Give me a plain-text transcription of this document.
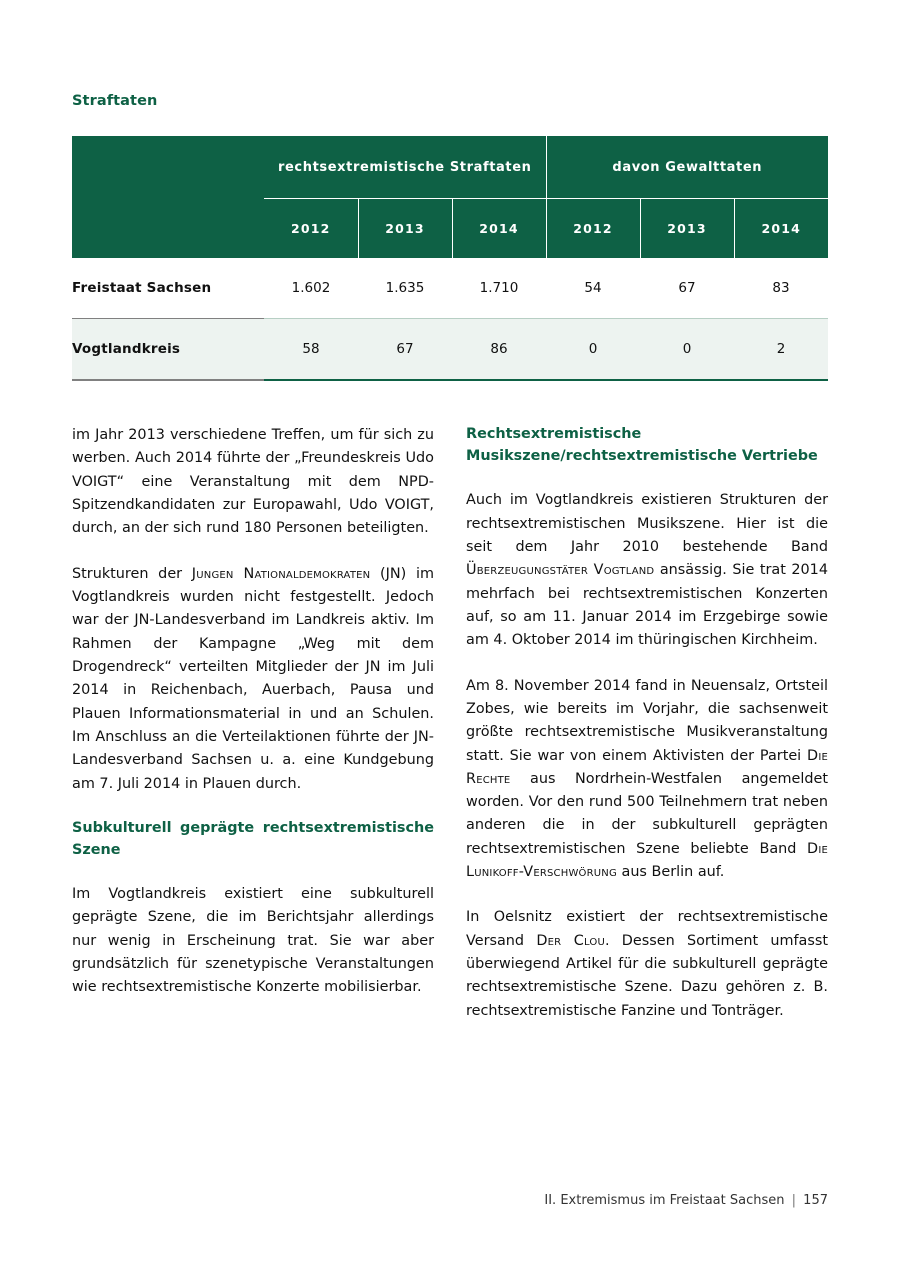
Straftaten
	rechtsextremistische Straftaten			davon Gewalttaten		
	2012	2013	2014	2012	2013	2014
Freistaat Sachsen	1.602	1.635	1.710	54	67	83
Vogtlandkreis	58	67	86	0	0	2

im Jahr 2013 verschiedene Treffen, um für sich zu werben. Auch 2014 führte der „Freundeskreis Udo VOIGT“ eine Veranstaltung mit dem NPD-Spitzendkandidaten zur Europawahl, Udo VOIGT, durch, an der sich rund 180 Personen beteiligten.

Strukturen der Jungen Nationaldemokraten (JN) im Vogtlandkreis wurden nicht festgestellt. Jedoch war der JN-Landesverband im Landkreis aktiv. Im Rahmen der Kampagne „Weg mit dem Drogendreck“ verteilten Mitglieder der JN im Juli 2014 in Reichenbach, Auerbach, Pausa und Plauen Informationsmaterial in und an Schulen. Im Anschluss an die Verteilaktionen führte der JN-Landesverband Sachsen u. a. eine Kundgebung am 7. Juli 2014 in Plauen durch.

Subkulturell geprägte rechtsextremistische Szene

Im Vogtlandkreis existiert eine subkulturell geprägte Szene, die im Berichtsjahr allerdings nur wenig in Erscheinung trat. Sie war aber grundsätzlich für szenetypische Veranstaltungen wie rechtsextremistische Konzerte mobilisierbar.

Rechtsextremistische Musikszene/rechtsextremistische Vertriebe

Auch im Vogtlandkreis existieren Strukturen der rechtsextremistischen Musikszene. Hier ist die seit dem Jahr 2010 bestehende Band Überzeugungstäter Vogtland ansässig. Sie trat 2014 mehrfach bei rechtsextremistischen Konzerten auf, so am 11. Januar 2014 im Erzgebirge sowie am 4. Oktober 2014 im thüringischen Kirchheim.

Am 8. November 2014 fand in Neuensalz, Ortsteil Zobes, wie bereits im Vorjahr, die sachsenweit größte rechtsextremistische Musikveranstaltung statt. Sie war von einem Aktivisten der Partei Die Rechte aus Nordrhein-Westfalen angemeldet worden. Vor den rund 500 Teilnehmern trat neben anderen die in der subkulturell geprägten rechtsextremistischen Szene beliebte Band Die Lunikoff-Verschwörung aus Berlin auf.

In Oelsnitz existiert der rechtsextremistische Versand Der Clou. Dessen Sortiment umfasst überwiegend Artikel für die subkulturell geprägte rechtsextremistische Szene. Dazu gehören z. B. rechtsextremistische Fanzine und Tonträger.

II. Extremismus im Freistaat Sachsen | 157
